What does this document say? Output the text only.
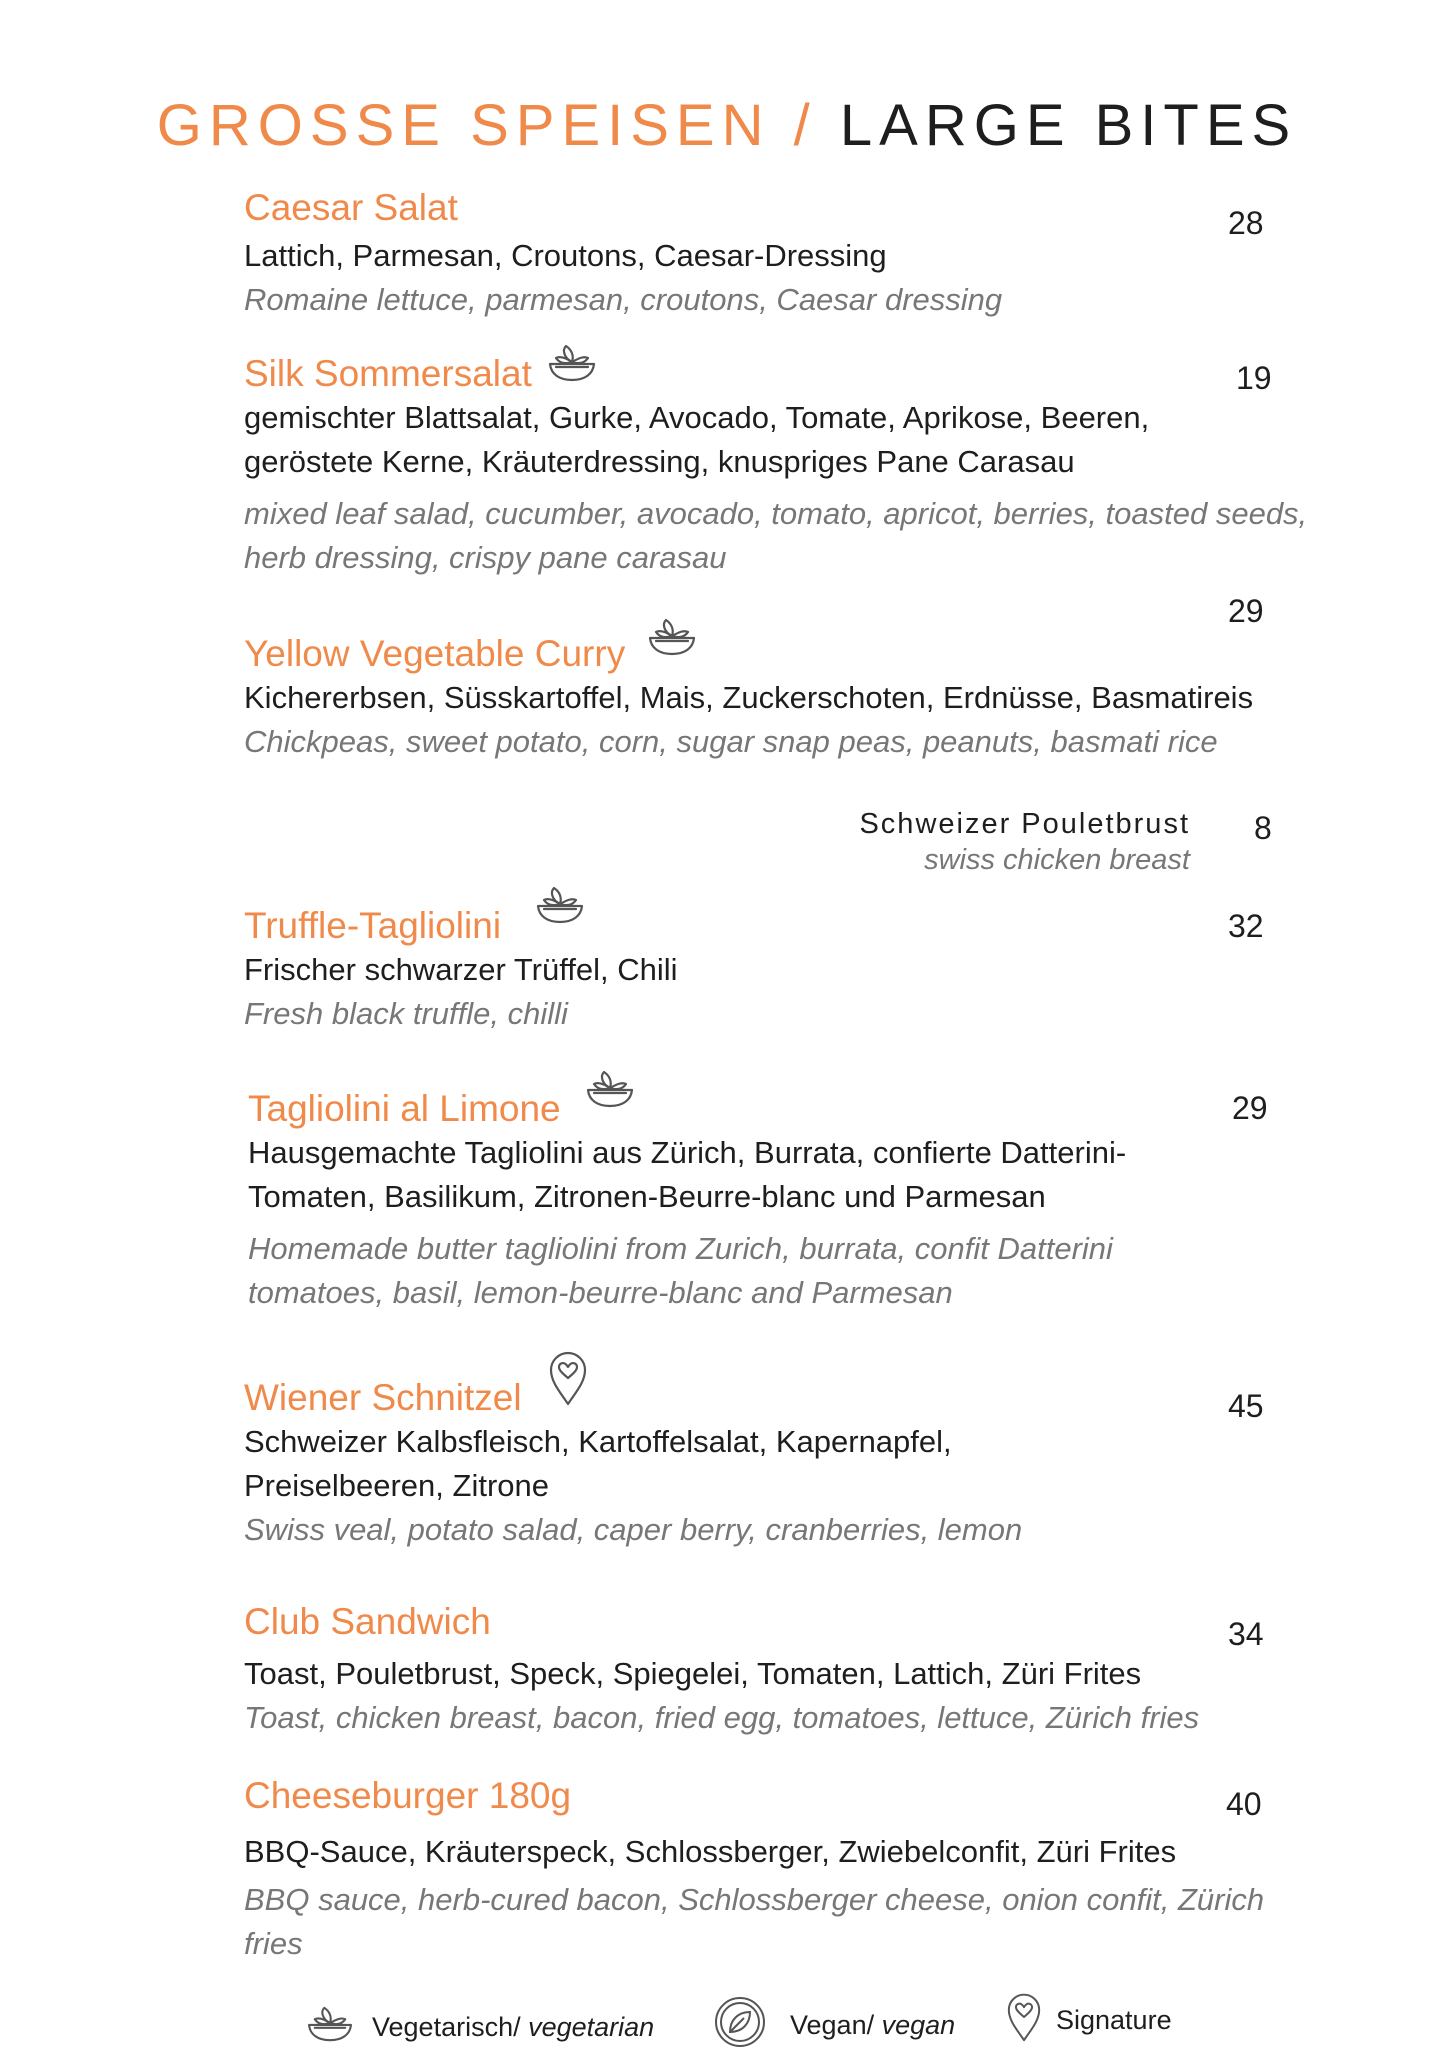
GROSSE SPEISEN / LARGE BITES
Caesar Salat
Lattich, Parmesan, Croutons, Caesar-Dressing
Romaine lettuce, parmesan, croutons, Caesar dressing
28
Silk Sommersalat
gemischter Blattsalat, Gurke, Avocado, Tomate, Aprikose, Beeren, geröstete Kerne, Kräuterdressing, knuspriges Pane Carasau
mixed leaf salad, cucumber, avocado, tomato, apricot, berries, toasted seeds, herb dressing, crispy pane carasau
19
29
Yellow Vegetable Curry
Kichererbsen, Süsskartoffel, Mais, Zuckerschoten, Erdnüsse, Basmatireis
Chickpeas, sweet potato, corn, sugar snap peas, peanuts, basmati rice
Schweizer Pouletbrust
swiss chicken breast
8
Truffle-Tagliolini
Frischer schwarzer Trüffel, Chili
Fresh black truffle, chilli
32
Tagliolini al Limone
Hausgemachte Tagliolini aus Zürich, Burrata, confierte Datterini-Tomaten, Basilikum, Zitronen-Beurre-blanc und Parmesan
Homemade butter tagliolini from Zurich, burrata, confit Datterini tomatoes, basil, lemon-beurre-blanc and Parmesan
29
Wiener Schnitzel
Schweizer Kalbsfleisch, Kartoffelsalat, Kapernapfel, Preiselbeeren, Zitrone
Swiss veal, potato salad, caper berry, cranberries, lemon
45
Club Sandwich
Toast, Pouletbrust, Speck, Spiegelei, Tomaten, Lattich, Züri Frites
Toast, chicken breast, bacon, fried egg, tomatoes, lettuce, Zürich fries
34
Cheeseburger 180g
BBQ-Sauce, Kräuterspeck, Schlossberger, Zwiebelconfit, Züri Frites
BBQ sauce, herb-cured bacon, Schlossberger cheese, onion confit, Zürich fries
40
Vegetarisch/
vegetarian	Vegan/
vegan	Signature
